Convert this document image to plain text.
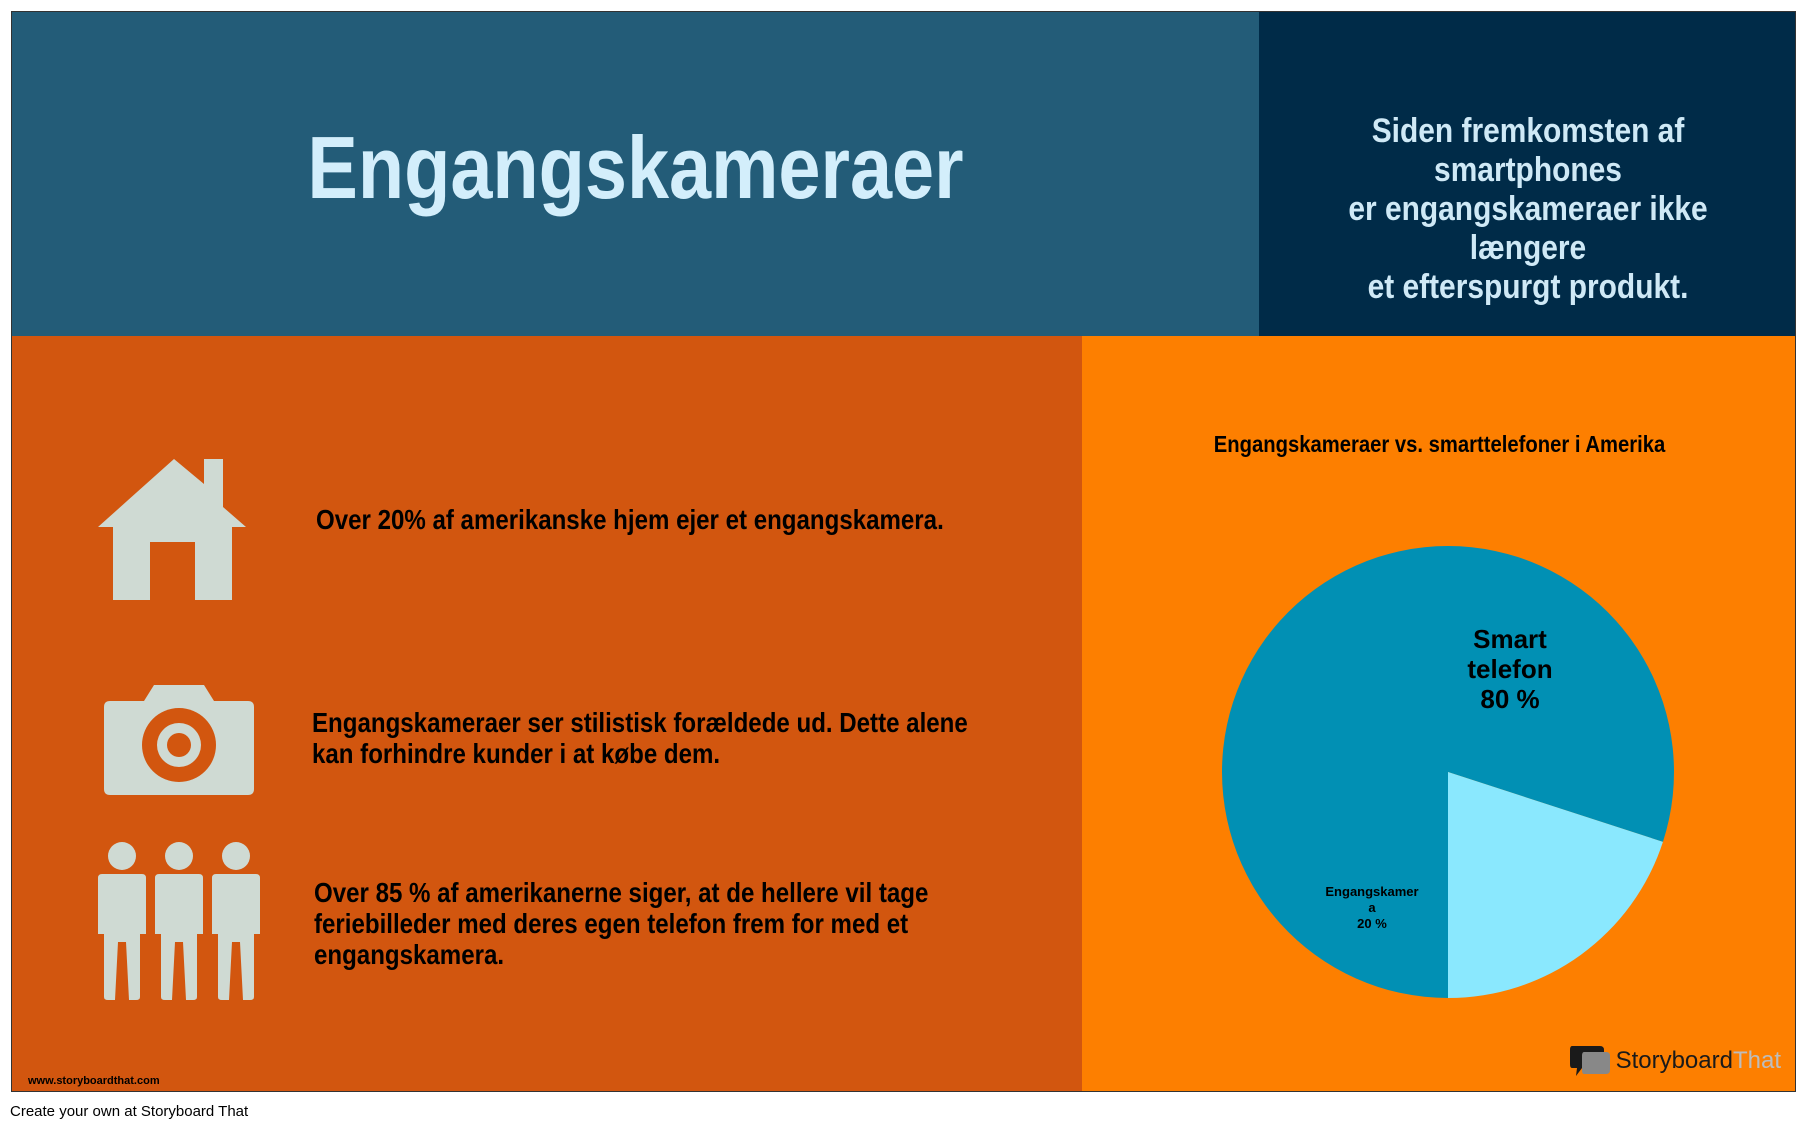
Engangskameraer	Siden fremkomsten af smartphones
er engangskameraer ikke længere
et efterspurgt produkt.
Over 20% af amerikanske hjem ejer et engangskamera.
Engangskameraer ser stilistisk forældede ud. Dette alene
kan forhindre kunder i at købe dem.
Over 85 % af amerikanerne siger, at de hellere vil tage
feriebilleder med deres egen telefon frem for med et
engangskamera.
www.storyboardthat.com
Engangskameraer vs. smarttelefoner i Amerika
Smart telefon 80 %
Engangskamer a 20 %
StoryboardThat
Create your own at Storyboard That
